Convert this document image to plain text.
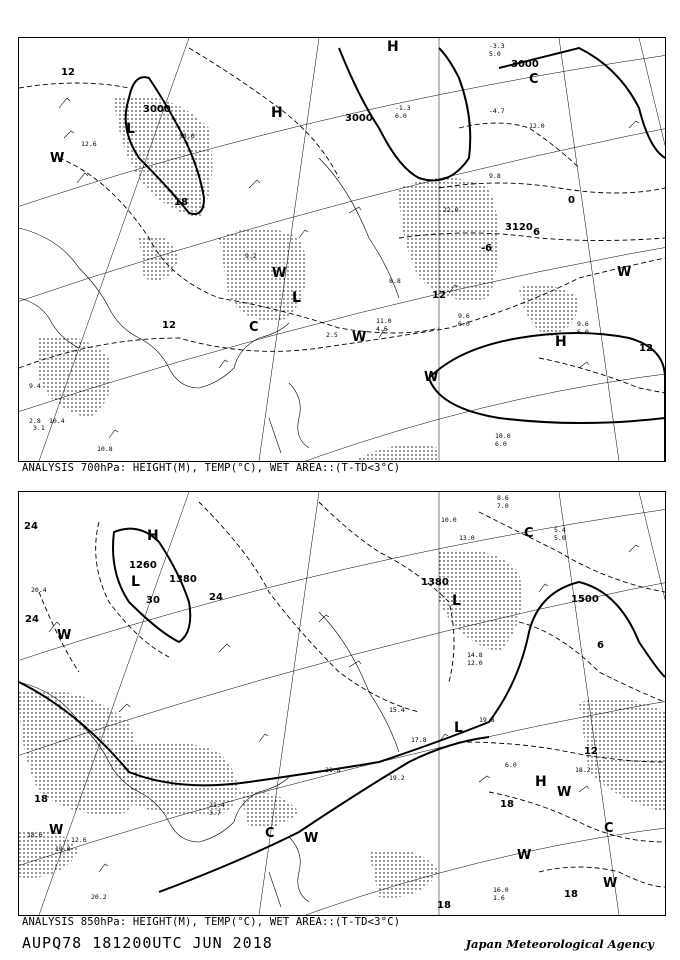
L
L
H
H
H
W	W
W
C
C
W
W
3000
3000
3000
3120
12
18
12
6
0
-6
12
12
12.6
10.8
13.0
8.8
9.6
6.0
11.0
4.5
9.4
2.8 10.4
9.2
-1.3
6.0
-3.3
5.0
-4.7
12.0
9.8
9.6
6.0
10.0
6.0
3.1
22.0
2.5
ANALYSIS 700hPa: HEIGHT(M), TEMP(°C), WET AREA::(T-TD<3°C)
H
L
L
L
H
C	C
C
W
W
W
W
W
W
1260
1380	1380
1500
24
24
24
18	18
18
12
6
18
30
20.4
15.4
12.6
19.0
19.2
20.2
18.6
17.8
21.4
19.8
14.8
12.0
10.0
8.6
7.0
5.4
5.0
13.0
6.0
16.0
18.2
21.8
3.7
1.6
ANALYSIS 850hPa: HEIGHT(M), TEMP(°C), WET AREA::(T-TD<3°C)
AUPQ78 181200UTC JUN 2018	Japan Meteorological Agency
